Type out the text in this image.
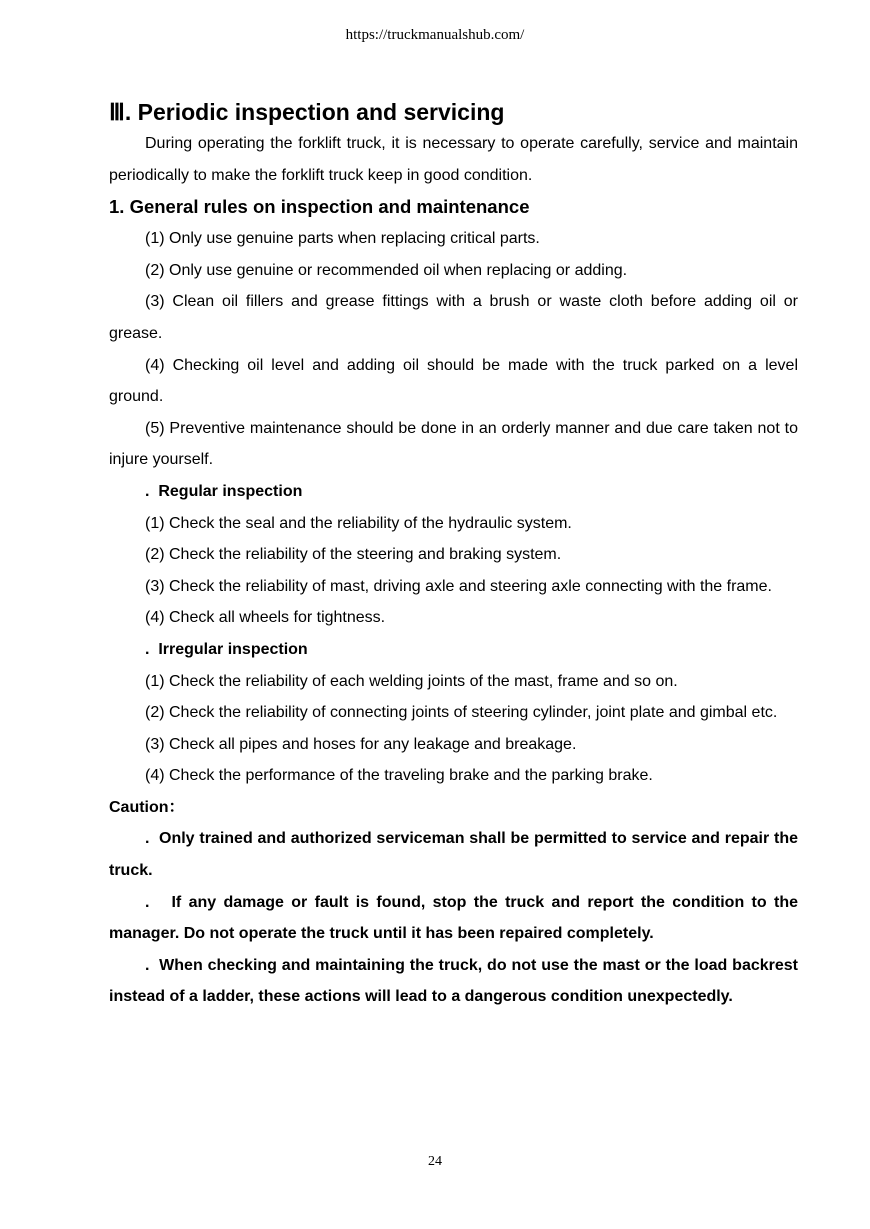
https://truckmanualshub.com/
Ⅲ. Periodic inspection and servicing

During operating the forklift truck, it is necessary to operate carefully, service and maintain periodically to make the forklift truck keep in good condition.

1. General rules on inspection and maintenance

(1) Only use genuine parts when replacing critical parts.

(2) Only use genuine or recommended oil when replacing or adding.

(3) Clean oil fillers and grease fittings with a brush or waste cloth before adding oil or grease.

(4) Checking oil level and adding oil should be made with the truck parked on a level ground.

(5) Preventive maintenance should be done in an orderly manner and due care taken not to injure yourself.

.  Regular inspection

(1) Check the seal and the reliability of the hydraulic system.

(2) Check the reliability of the steering and braking system.

(3) Check the reliability of mast, driving axle and steering axle connecting with the frame.

(4) Check all wheels for tightness.

.  Irregular inspection

(1) Check the reliability of each welding joints of the mast, frame and so on.

(2) Check the reliability of connecting joints of steering cylinder, joint plate and gimbal etc.

(3) Check all pipes and hoses for any leakage and breakage.

(4) Check the performance of the traveling brake and the parking brake.

Caution：

.  Only trained and authorized serviceman shall be permitted to service and repair the truck.

.   If any damage or fault is found, stop the truck and report the condition to the manager. Do not operate the truck until it has been repaired completely.

.  When checking and maintaining the truck, do not use the mast or the load backrest instead of a ladder, these actions will lead to a dangerous condition unexpectedly.

24
